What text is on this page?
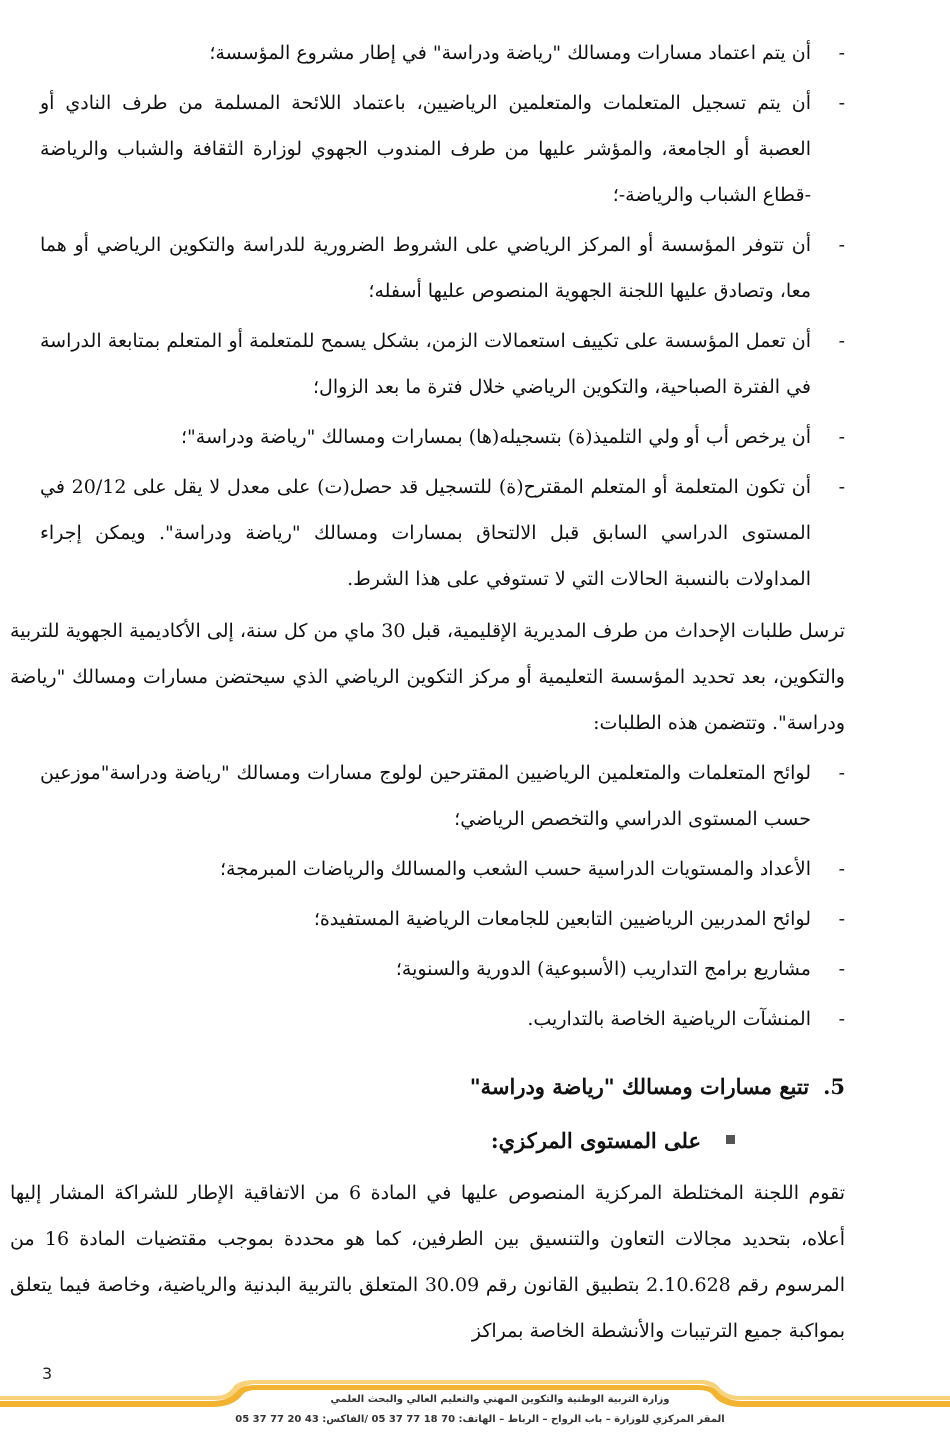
-
أن يتم اعتماد مسارات ومسالك "رياضة ودراسة" في إطار مشروع المؤسسة؛
-
أن يتم تسجيل المتعلمات والمتعلمين الرياضيين، باعتماد اللائحة المسلمة من طرف النادي أو العصبة أو الجامعة، والمؤشر عليها من طرف المندوب الجهوي لوزارة الثقافة والشباب والرياضة -قطاع الشباب والرياضة-؛
-
أن تتوفر المؤسسة أو المركز الرياضي على الشروط الضرورية للدراسة والتكوين الرياضي أو هما معا، وتصادق عليها اللجنة الجهوية المنصوص عليها أسفله؛
-
أن تعمل المؤسسة على تكييف استعمالات الزمن، بشكل يسمح للمتعلمة أو المتعلم بمتابعة الدراسة في الفترة الصباحية، والتكوين الرياضي خلال فترة ما بعد الزوال؛
-
أن يرخص أب أو ولي التلميذ(ة) بتسجيله(ها) بمسارات ومسالك "رياضة ودراسة"؛
-
أن تكون المتعلمة أو المتعلم المقترح(ة) للتسجيل قد حصل(ت) على معدل لا يقل على 20/12 في المستوى الدراسي السابق قبل الالتحاق بمسارات ومسالك "رياضة ودراسة". ويمكن إجراء المداولات بالنسبة الحالات التي لا تستوفي على هذا الشرط.

ترسل طلبات الإحداث من طرف المديرية الإقليمية، قبل 30 ماي من كل سنة، إلى الأكاديمية الجهوية للتربية والتكوين، بعد تحديد المؤسسة التعليمية أو مركز التكوين الرياضي الذي سيحتضن مسارات ومسالك "رياضة ودراسة". وتتضمن هذه الطلبات:

-
لوائح المتعلمات والمتعلمين الرياضيين المقترحين لولوج مسارات ومسالك "رياضة ودراسة"موزعين حسب المستوى الدراسي والتخصص الرياضي؛
-
الأعداد والمستويات الدراسية حسب الشعب والمسالك والرياضات المبرمجة؛
-
لوائح المدربين الرياضيين التابعين للجامعات الرياضية المستفيدة؛
-
مشاريع برامج التداريب (الأسبوعية) الدورية والسنوية؛
-
المنشآت الرياضية الخاصة بالتداريب.
5.تتبع مسارات ومسالك "رياضة ودراسة"
على المستوى المركزي:

تقوم اللجنة المختلطة المركزية المنصوص عليها في المادة 6 من الاتفاقية الإطار للشراكة المشار إليها أعلاه، بتحديد مجالات التعاون والتنسيق بين الطرفين، كما هو محددة بموجب مقتضيات المادة 16 من المرسوم رقم 2.10.628 بتطبيق القانون رقم 30.09 المتعلق بالتربية البدنية والرياضية، وخاصة فيما يتعلق بمواكبة جميع الترتيبات والأنشطة الخاصة بمراكز

3
وزارة التربية الوطنية والتكوين المهني والتعليم العالي والبحث العلمي
المقر المركزي للوزارة – باب الرواح – الرباط – الهاتف: 70 18 77 37 05 /الفاكس: 43 20 77 37 05
